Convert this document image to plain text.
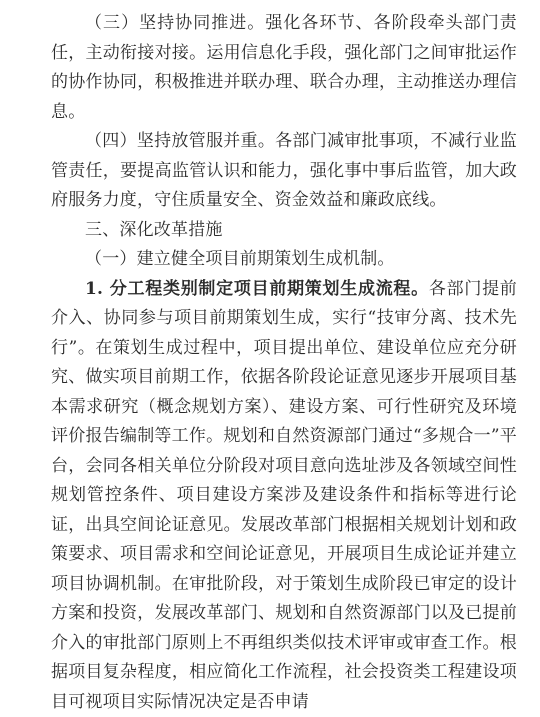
（三）坚持协同推进。强化各环节、各阶段牵头部门责任，主动衔接对接。运用信息化手段，强化部门之间审批运作的协作协同，积极推进并联办理、联合办理，主动推送办理信息。

（四）坚持放管服并重。各部门减审批事项，不减行业监管责任，要提高监管认识和能力，强化事中事后监管，加大政府服务力度，守住质量安全、资金效益和廉政底线。

三、深化改革措施

（一）建立健全项目前期策划生成机制。

1. 分工程类别制定项目前期策划生成流程。各部门提前介入、协同参与项目前期策划生成，实行“技审分离、技术先行”。在策划生成过程中，项目提出单位、建设单位应充分研究、做实项目前期工作，依据各阶段论证意见逐步开展项目基本需求研究（概念规划方案）、建设方案、可行性研究及环境评价报告编制等工作。规划和自然资源部门通过“多规合一”平台，会同各相关单位分阶段对项目意向选址涉及各领域空间性规划管控条件、项目建设方案涉及建设条件和指标等进行论证，出具空间论证意见。发展改革部门根据相关规划计划和政策要求、项目需求和空间论证意见，开展项目生成论证并建立项目协调机制。在审批阶段，对于策划生成阶段已审定的设计方案和投资，发展改革部门、规划和自然资源部门以及已提前介入的审批部门原则上不再组织类似技术评审或审查工作。根据项目复杂程度，相应简化工作流程，社会投资类工程建设项目可视项目实际情况决定是否申请
